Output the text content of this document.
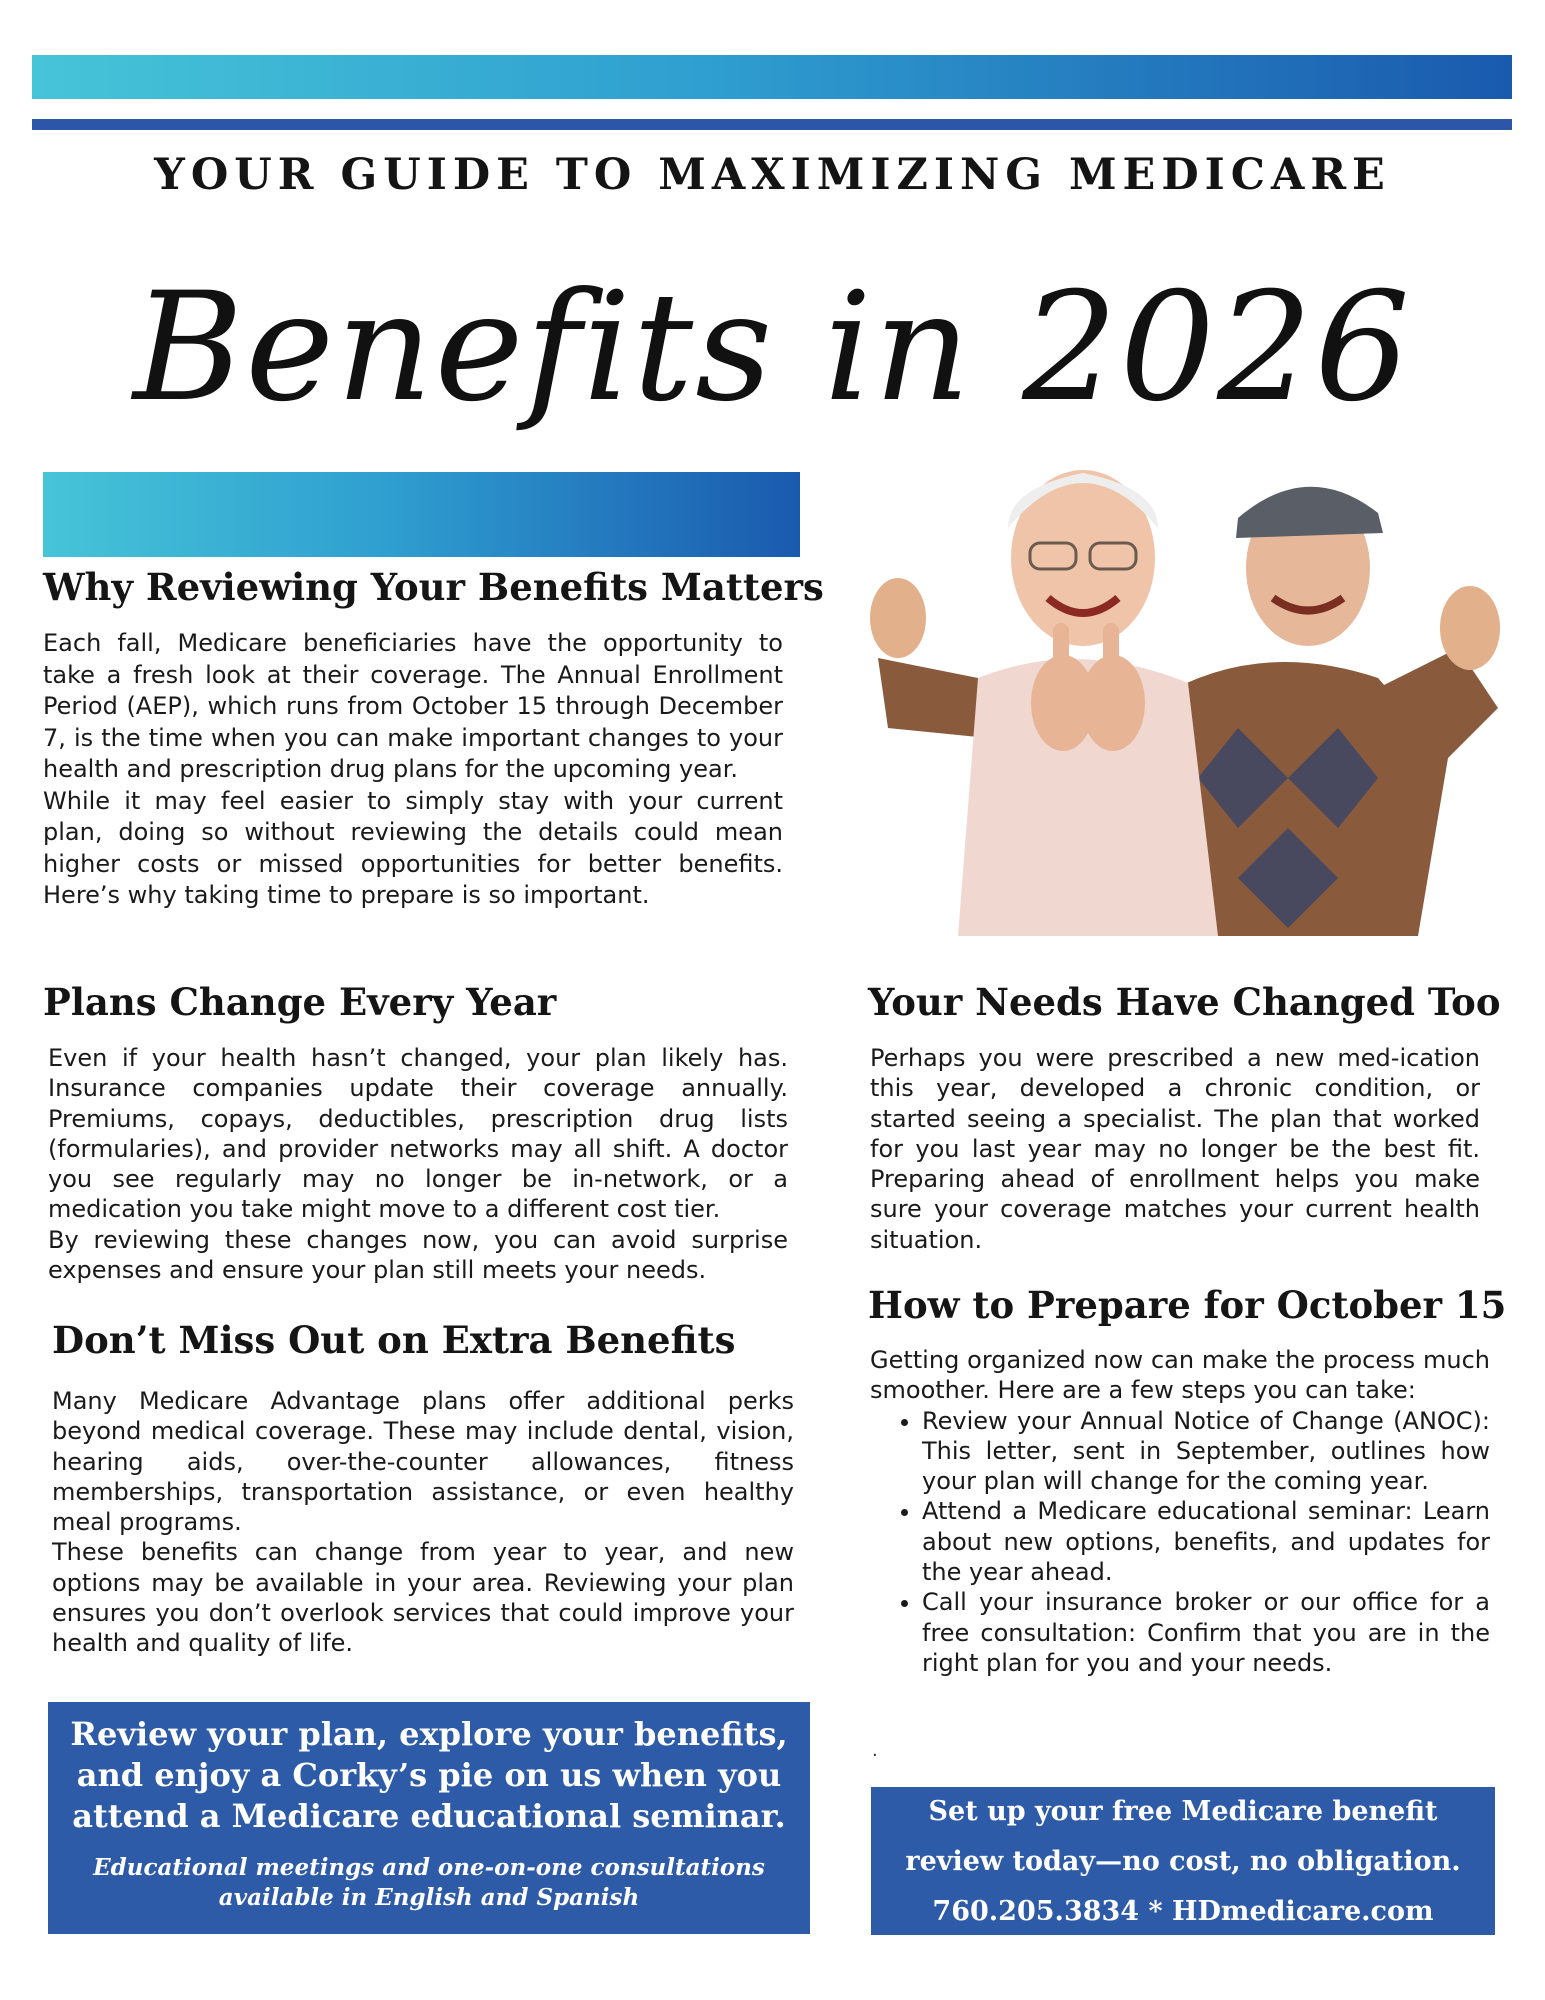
YOUR GUIDE TO MAXIMIZING MEDICARE
Benefits in 2026
Why Reviewing Your Benefits Matters

Each fall, Medicare beneficiaries have the opportunity to take a fresh look at their coverage. The Annual Enrollment Period (AEP), which runs from October 15 through December 7, is the time when you can make important changes to your health and prescription drug plans for the upcoming year.

While it may feel easier to simply stay with your current plan, doing so without reviewing the details could mean higher costs or missed opportunities for better benefits. Here’s why taking time to prepare is so important.

Plans Change Every Year

Even if your health hasn’t changed, your plan likely has. Insurance companies update their coverage annually. Premiums, copays, deductibles, prescription drug lists (formularies), and provider networks may all shift. A doctor you see regularly may no longer be in-network, or a medication you take might move to a different cost tier.

By reviewing these changes now, you can avoid surprise expenses and ensure your plan still meets your needs.

Don’t Miss Out on Extra Benefits

Many Medicare Advantage plans offer additional perks beyond medical coverage. These may include dental, vision, hearing aids, over-the-counter allowances, fitness memberships, transportation assistance, or even healthy meal programs.

These benefits can change from year to year, and new options may be available in your area. Reviewing your plan ensures you don’t overlook services that could improve your health and quality of life.

Your Needs Have Changed Too

Perhaps you were prescribed a new med-ication this year, developed a chronic condition, or started seeing a specialist. The plan that worked for you last year may no longer be the best fit. Preparing ahead of enrollment helps you make sure your coverage matches your current health situation.

How to Prepare for October 15

Getting organized now can make the process much smoother. Here are a few steps you can take:

• Review your Annual Notice of Change (ANOC): This letter, sent in September, outlines how your plan will change for the coming year.
• Attend a Medicare educational seminar: Learn about new options, benefits, and updates for the year ahead.
• Call your insurance broker or our office for a free consultation: Confirm that you are in the right plan for you and your needs.
.
Review your plan, explore your benefits, and enjoy a Corky’s pie on us when you attend a Medicare educational seminar.
Educational meetings and one-on-one consultations available in English and Spanish
Set up your free Medicare benefit
review today—no cost, no obligation.
760.205.3834 * HDmedicare.com
